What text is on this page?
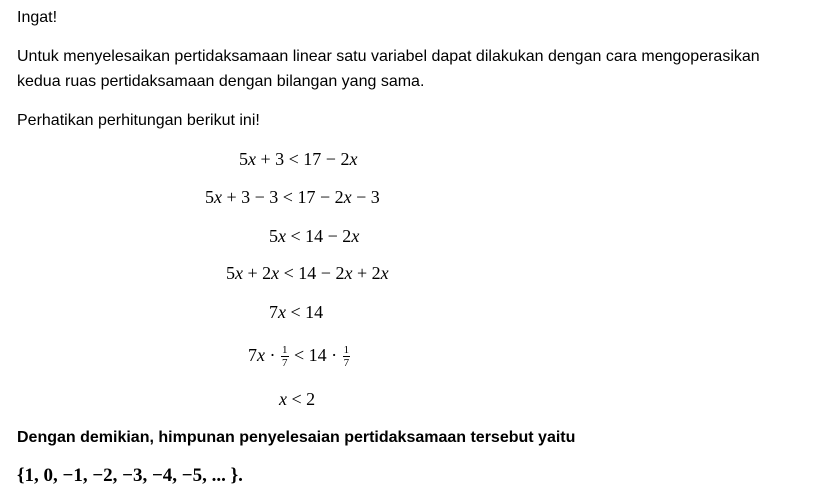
Ingat!
Untuk menyelesaikan pertidaksamaan linear satu variabel dapat dilakukan dengan cara mengoperasikan
kedua ruas pertidaksamaan dengan bilangan yang sama.
Perhatikan perhitungan berikut ini!
5x + 3 < 17 − 2x
5x + 3 − 3 < 17 − 2x − 3
5x < 14 − 2x
5x + 2x < 14 − 2x + 2x
7x < 14
$7x \cdot \frac{1}{7} < 14 \cdot \frac{1}{7}$
x < 2
Dengan demikian, himpunan penyelesaian pertidaksamaan tersebut yaitu
{1, 0, −1, −2, −3, −4, −5, ... }.
